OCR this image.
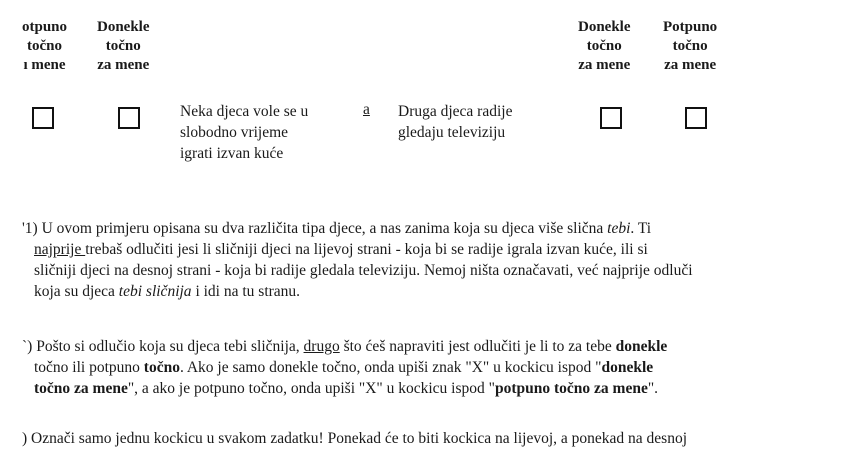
otpuno
točno
ı mene
Donekle
točno
za mene
Donekle
točno
za mene
Potpuno
točno
za mene
Neka djeca vole se u
slobodno vrijeme
igrati izvan kuće
a Druga djeca radije
gledaju televiziju
'1) U ovom primjeru opisana su dva različita tipa djece, a nas zanima koja su djeca više slična tebi. Ti
najprije trebaš odlučiti jesi li sličniji djeci na lijevoj strani - koja bi se radije igrala izvan kuće, ili si
sličniji djeci na desnoj strani - koja bi radije gledala televiziju. Nemoj ništa označavati, već najprije odluči
koja su djeca tebi sličnija i idi na tu stranu.
`) Pošto si odlučio koja su djeca tebi sličnija, drugo što ćeš napraviti jest odlučiti je li to za tebe donekle
točno ili potpuno točno. Ako je samo donekle točno, onda upiši znak "X" u kockicu ispod "donekle
točno za mene", a ako je potpuno točno, onda upiši "X" u kockicu ispod "potpuno točno za mene".
) Označi samo jednu kockicu u svakom zadatku! Ponekad će to biti kockica na lijevoj, a ponekad na desnoj
